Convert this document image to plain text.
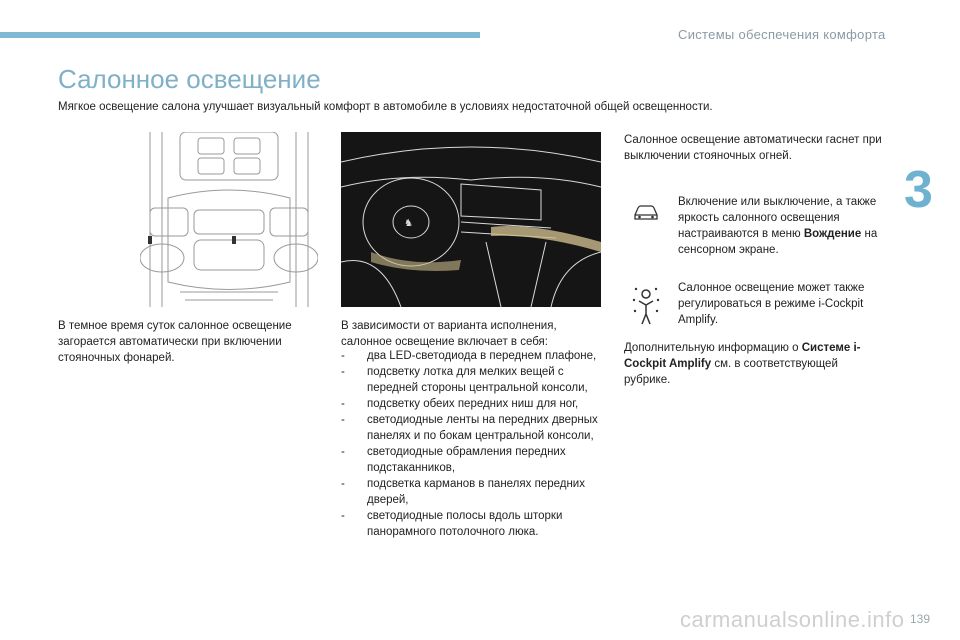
Системы обеспечения комфорта
3
Салонное освещение
Мягкое освещение салона улучшает визуальный комфорт в автомобиле в условиях недостаточной общей освещенности.
♞

В темное время суток салонное освещение загорается автоматически при включении стояночных фонарей.

В зависимости от варианта исполнения, салонное освещение включает в себя:

- два LED-светодиода в переднем плафоне,
- подсветку лотка для мелких вещей с передней стороны центральной консоли,
- подсветку обеих передних ниш для ног,
- светодиодные ленты на передних дверных панелях и по бокам центральной консоли,
- светодиодные обрамления передних подстаканников,
- подсветка карманов в панелях передних дверей,
- светодиодные полосы вдоль шторки панорамного потолочного люка.

Салонное освещение автоматически гаснет при выключении стояночных огней.

Включение или выключение, а также яркость салонного освещения настраиваются в меню Вождение на сенсорном экране.

Салонное освещение может также регулироваться в режиме i-Cockpit Amplify.

Дополнительную информацию о Системе i-Cockpit Amplify см. в соответствующей рубрике.

carmanualsonline.info 139
